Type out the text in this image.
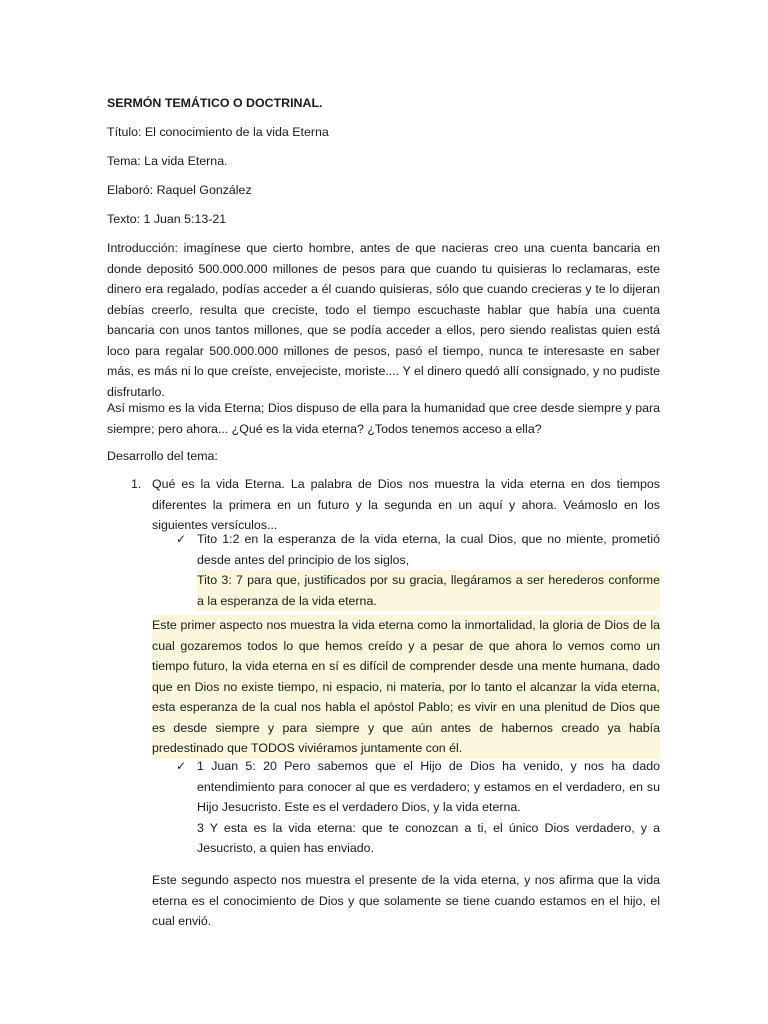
SERMÓN TEMÁTICO O DOCTRINAL.
Título: El conocimiento de la vida Eterna
Tema: La vida Eterna.
Elaboró: Raquel González
Texto: 1 Juan 5:13-21
Introducción: imagínese que cierto hombre, antes de que nacieras creo una cuenta bancaria en donde depositó 500.000.000 millones de pesos para que cuando tu quisieras lo reclamaras, este dinero era regalado, podías acceder a él cuando quisieras, sólo que cuando crecieras y te lo dijeran debías creerlo, resulta que creciste, todo el tiempo escuchaste hablar que había una cuenta bancaria con unos tantos millones, que se podía acceder a ellos, pero siendo realistas quien está loco para regalar 500.000.000 millones de pesos, pasó el tiempo, nunca te interesaste en saber más, es más ni lo que creíste, envejeciste, moriste.... Y el dinero quedó allí consignado, y no pudiste disfrutarlo.
Así mismo es la vida Eterna; Dios dispuso de ella para la humanidad que cree desde siempre y para siempre; pero ahora... ¿Qué es la vida eterna? ¿Todos tenemos acceso a ella?
Desarrollo del tema:
1. Qué es la vida Eterna. La palabra de Dios nos muestra la vida eterna en dos tiempos diferentes la primera en un futuro y la segunda en un aquí y ahora. Veámoslo en los siguientes versículos...
✓ Tito 1:2 en la esperanza de la vida eterna, la cual Dios, que no miente, prometió desde antes del principio de los siglos,
Tito 3: 7 para que, justificados por su gracia, llegáramos a ser herederos conforme a la esperanza de la vida eterna.
Este primer aspecto nos muestra la vida eterna como la inmortalidad, la gloria de Dios de la cual gozaremos todos lo que hemos creído y a pesar de que ahora lo vemos como un tiempo futuro, la vida eterna en sí es difícil de comprender desde una mente humana, dado que en Dios no existe tiempo, ni espacio, ni materia, por lo tanto el alcanzar la vida eterna, esta esperanza de la cual nos habla el apóstol Pablo; es vivir en una plenitud de Dios que es desde siempre y para siempre y que aún antes de habernos creado ya había predestinado que TODOS viviéramos juntamente con él.
✓ 1 Juan 5: 20 Pero sabemos que el Hijo de Dios ha venido, y nos ha dado entendimiento para conocer al que es verdadero; y estamos en el verdadero, en su Hijo Jesucristo. Este es el verdadero Dios, y la vida eterna.
3 Y esta es la vida eterna: que te conozcan a ti, el único Dios verdadero, y a Jesucristo, a quien has enviado.
Este segundo aspecto nos muestra el presente de la vida eterna, y nos afirma que la vida eterna es el conocimiento de Dios y que solamente se tiene cuando estamos en el hijo, el cual envió.
